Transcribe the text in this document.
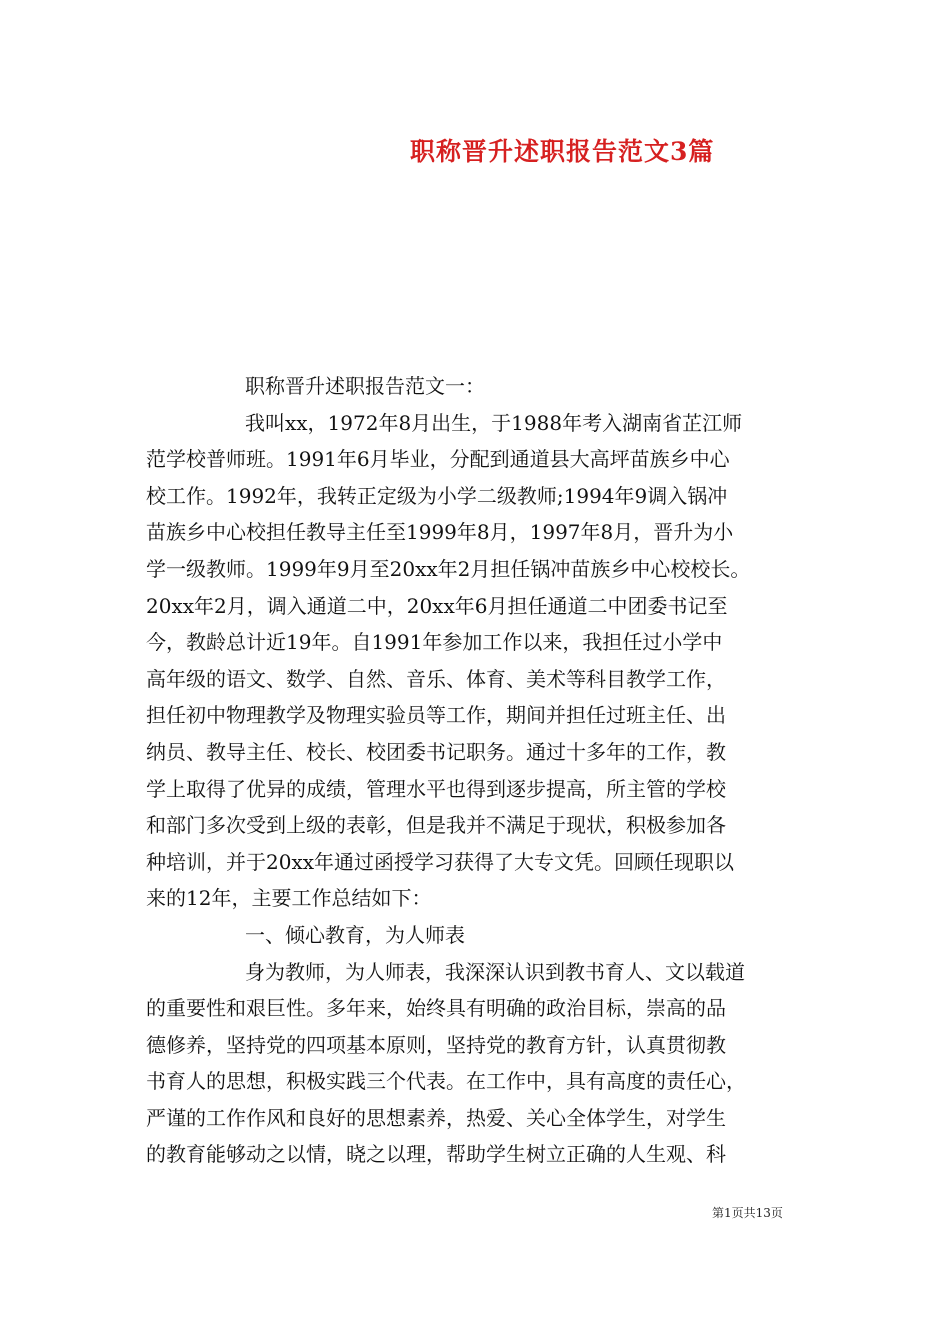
职称晋升述职报告范文3篇
职称晋升述职报告范文一：
我叫xx，1972年8月出生，于1988年考入湖南省芷江师
范学校普师班。1991年6月毕业，分配到通道县大高坪苗族乡中心
校工作。1992年，我转正定级为小学二级教师;1994年9调入锅冲
苗族乡中心校担任教导主任至1999年8月，1997年8月，晋升为小
学一级教师。1999年9月至20xx年2月担任锅冲苗族乡中心校校长。
20xx年2月，调入通道二中，20xx年6月担任通道二中团委书记至
今，教龄总计近19年。自1991年参加工作以来，我担任过小学中
高年级的语文、数学、自然、音乐、体育、美术等科目教学工作，
担任初中物理教学及物理实验员等工作，期间并担任过班主任、出
纳员、教导主任、校长、校团委书记职务。通过十多年的工作，教
学上取得了优异的成绩，管理水平也得到逐步提高，所主管的学校
和部门多次受到上级的表彰，但是我并不满足于现状，积极参加各
种培训，并于20xx年通过函授学习获得了大专文凭。回顾任现职以
来的12年，主要工作总结如下：
一、倾心教育，为人师表
身为教师，为人师表，我深深认识到教书育人、文以载道
的重要性和艰巨性。多年来，始终具有明确的政治目标，崇高的品
德修养，坚持党的四项基本原则，坚持党的教育方针，认真贯彻教
书育人的思想，积极实践三个代表。在工作中，具有高度的责任心，
严谨的工作作风和良好的思想素养，热爱、关心全体学生，对学生
的教育能够动之以情，晓之以理，帮助学生树立正确的人生观、科
第1页共13页
